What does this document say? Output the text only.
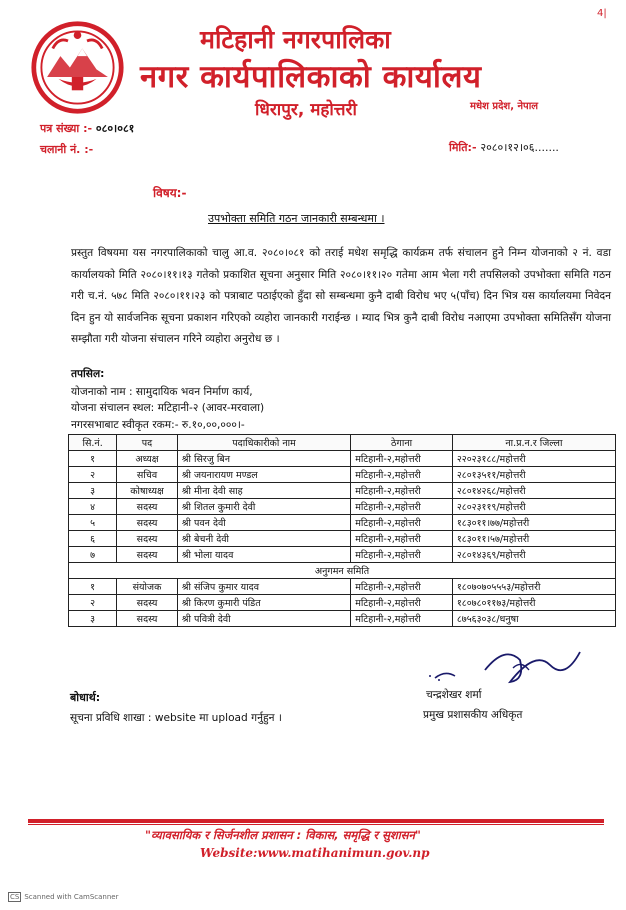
4|
मटिहानी नगरपालिका
नगर कार्यपालिकाको कार्यालय
धिरापुर, महोत्तरी	मधेश प्रदेश, नेपाल
पत्र संख्या :- ०८०।०८१
चलानी नं. :-	मिति:- २०८०।१२।०६.......
विषय:-
उपभोक्ता समिति गठन जानकारी सम्बन्धमा ।
प्रस्तुत विषयमा यस नगरपालिकाको चालु आ.व. २०८०।०८१ को तराई मधेश समृद्धि कार्यक्रम तर्फ संचालन हुने निम्न योजनाको २ नं. वडा कार्यालयको मिति २०८०।११।१३ गतेको प्रकाशित सूचना अनुसार मिति २०८०।११।२० गतेमा आम भेला गरी तपसिलको उपभोक्ता समिति गठन गरी च.नं. ५७८ मिति २०८०।११।२३ को पत्राबाट पठाईएको हुँदा सो सम्बन्धमा कुनै दाबी विरोध भए ५(पाँच) दिन भित्र यस कार्यालयमा निवेदन दिन हुन यो सार्वजनिक सूचना प्रकाशन गरिएको व्यहोरा जानकारी गराईन्छ । म्याद भित्र कुनै दाबी विरोध नआएमा उपभोक्ता समितिसँग योजना सम्झौता गरी योजना संचालन गरिने व्यहोरा अनुरोध छ ।
तपसिल:
योजनाको नाम : सामुदायिक भवन निर्माण कार्य,
योजना संचालन स्थल: मटिहानी-२ (आवर-मरवाला)
नगरसभाबाट स्वीकृत रकम:- रु.१०,००,०००।-
सि.नं.	पद	पदाधिकारीको नाम	ठेगाना	ना.प्र.न.र जिल्ला
१	अध्यक्ष	श्री सिरजु बिन	मटिहानी-२,महोत्तरी	२२०२३१८८/महोत्तरी
२	सचिव	श्री जयनारायण मण्डल	मटिहानी-२,महोत्तरी	२८०१३५११/महोत्तरी
३	कोषाध्यक्ष	श्री मीना देवी साह	मटिहानी-२,महोत्तरी	२८०१४२६८/महोत्तरी
४	सदस्य	श्री शितल कुमारी देवी	मटिहानी-२,महोत्तरी	२८०२३११९/महोत्तरी
५	सदस्य	श्री पवन देवी	मटिहानी-२,महोत्तरी	१८३०११।७७/महोत्तरी
६	सदस्य	श्री बेचनी देवी	मटिहानी-२,महोत्तरी	१८३०११।५७/महोत्तरी
७	सदस्य	श्री भोला यादव	मटिहानी-२,महोत्तरी	२८०१४३६९/महोत्तरी
अनुगमन समिति				
१	संयोजक	श्री संजिप कुमार यादव	मटिहानी-२,महोत्तरी	१८०७०७०५५५३/महोत्तरी
२	सदस्य	श्री किरण कुमारी पंडित	मटिहानी-२,महोत्तरी	१८०७८०११७३/महोत्तरी
३	सदस्य	श्री पवित्री देवी	मटिहानी-२,महोत्तरी	८७५६३०३८/धनुषा
चन्द्रशेखर शर्मा
प्रमुख प्रशासकीय अधिकृत
बोधार्थ:
सूचना प्रविधि शाखा : website मा upload गर्नुहुन ।
"व्यावसायिक र सिर्जनशील प्रशासन : विकास, समृद्धि र सुशासन"
Website:www.matihanimun.gov.np
CS Scanned with CamScanner
